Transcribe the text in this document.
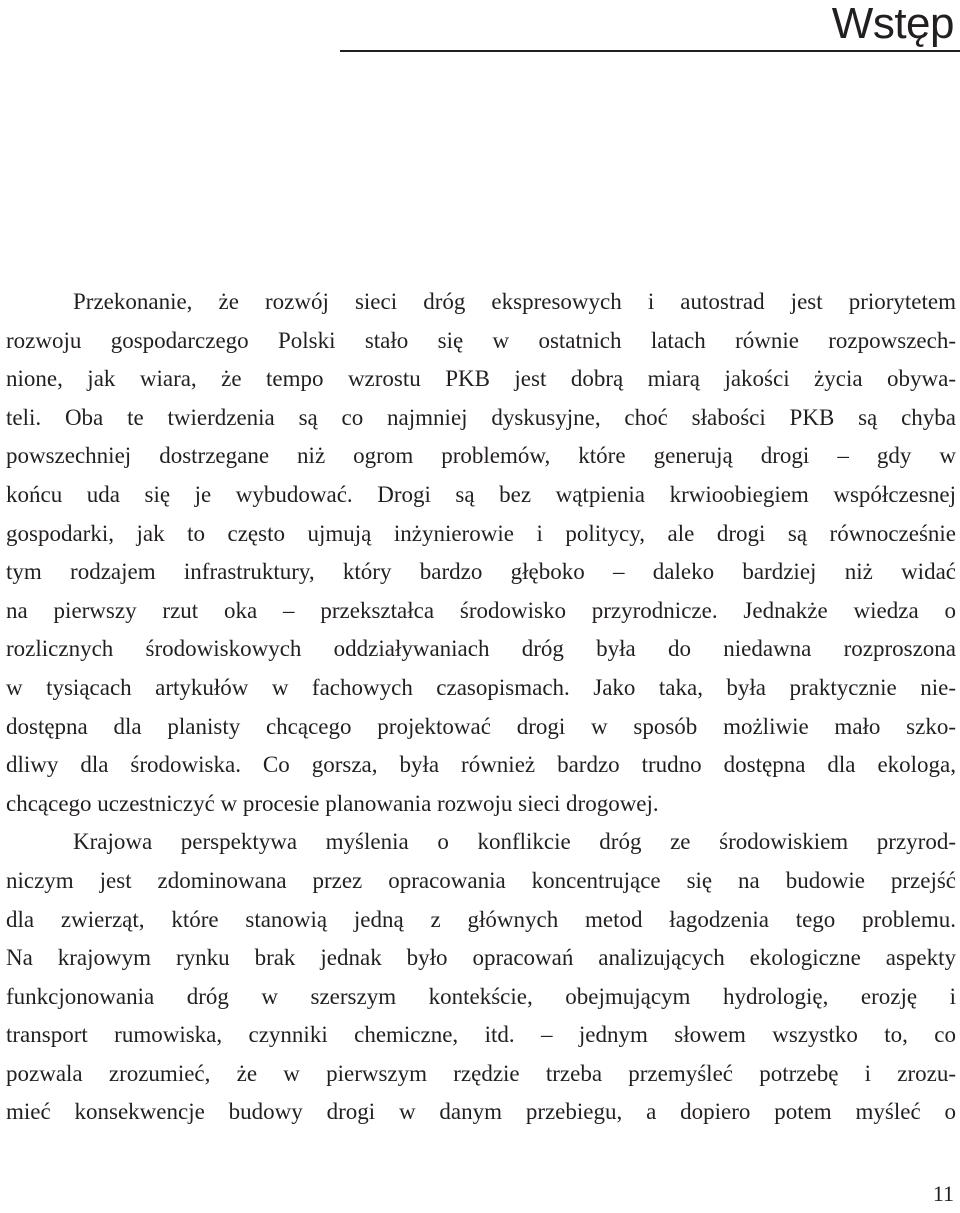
Wstęp
Przekonanie, że rozwój sieci dróg ekspresowych i autostrad jest priorytetem
rozwoju gospodarczego Polski stało się w ostatnich latach równie rozpowszech-
nione, jak wiara, że tempo wzrostu PKB jest dobrą miarą jakości życia obywa-
teli. Oba te twierdzenia są co najmniej dyskusyjne, choć słabości PKB są chyba
powszechniej dostrzegane niż ogrom problemów, które generują drogi – gdy w
końcu uda się je wybudować. Drogi są bez wątpienia krwioobiegiem współczesnej
gospodarki, jak to często ujmują inżynierowie i politycy, ale drogi są równocześnie
tym rodzajem infrastruktury, który bardzo głęboko – daleko bardziej niż widać
na pierwszy rzut oka – przekształca środowisko przyrodnicze. Jednakże wiedza o
rozlicznych środowiskowych oddziaływaniach dróg była do niedawna rozproszona
w tysiącach artykułów w fachowych czasopismach. Jako taka, była praktycznie nie-
dostępna dla planisty chcącego projektować drogi w sposób możliwie mało szko-
dliwy dla środowiska. Co gorsza, była również bardzo trudno dostępna dla ekologa,
chcącego uczestniczyć w procesie planowania rozwoju sieci drogowej.
Krajowa perspektywa myślenia o konflikcie dróg ze środowiskiem przyrod-
niczym jest zdominowana przez opracowania koncentrujące się na budowie przejść
dla zwierząt, które stanowią jedną z głównych metod łagodzenia tego problemu.
Na krajowym rynku brak jednak było opracowań analizujących ekologiczne aspekty
funkcjonowania dróg w szerszym kontekście, obejmującym hydrologię, erozję i
transport rumowiska, czynniki chemiczne, itd. – jednym słowem wszystko to, co
pozwala zrozumieć, że w pierwszym rzędzie trzeba przemyśleć potrzebę i zrozu-
mieć konsekwencje budowy drogi w danym przebiegu, a dopiero potem myśleć o

11
